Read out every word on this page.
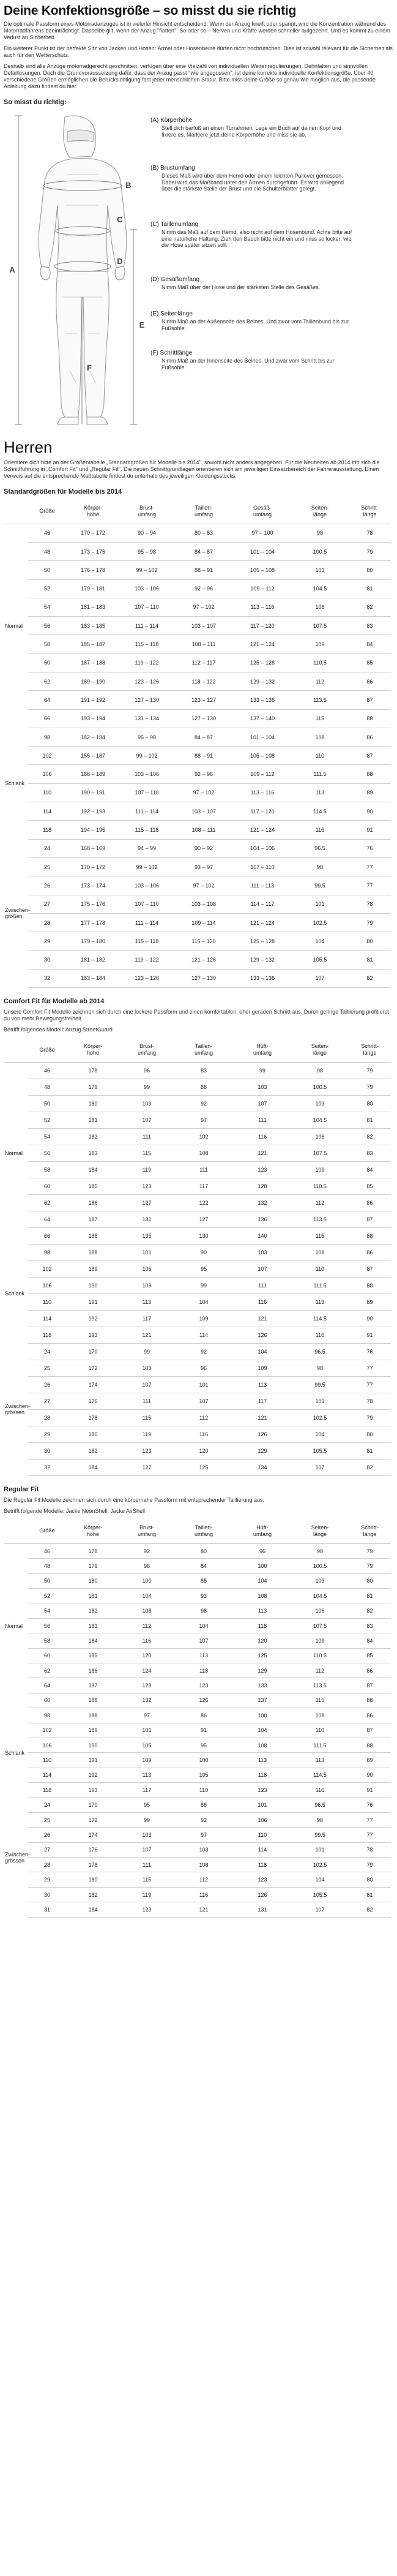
Deine Konfektionsgröße – so misst du sie richtig

Die optimale Passform eines Motorradanzuges ist in vielerlei Hinsicht entscheidend. Wenn der Anzug kneift oder spannt, wird die Konzentration während des Motorradfahrens beeinträchtigt. Dasselbe gilt, wenn der Anzug "flattert". So oder so – Nerven und Kräfte werden schneller aufgezehrt. Und es kommt zu einem Verlust an Sicherheit.

Ein weiterer Punkt ist der perfekte Sitz von Jacken und Hosen: Ärmel oder Hosenbeine dürfen nicht hochrutschen. Dies ist sowohl relevant für die Sicherheit als auch für den Wetterschutz.

Deshalb sind alle Anzüge motorradgerecht geschnitten, verfügen über eine Vielzahl von individuellen Weitenregulierungen, Dehnfalten und sinnvollen Detaillösungen. Doch die Grundvoraussetzung dafür, dass der Anzug passt "wie angegossen", ist deine korrekte individuelle Konfektionsgröße. Über 40 verschiedene Größen ermöglichen die Berücksichtigung fast jeder menschlichen Statur. Bitte miss deine Größe so genau wie möglich aus, die passende Anleitung dazu findest du hier.

So misst du richtig:
A
B
C
D
E
F
(A) Körperhöhe
Stell dich barfuß an einen Türrahmen. Lege ein Buch auf deinen Kopf und fixiere es. Markiere jetzt deine Körperhöhe und miss sie ab.
(B) Brustumfang
Dieses Maß wird über dem Hemd oder einem leichten Pullover gemessen. Dabei wird das Maßband unter den Armen durchgeführt. Es wird anliegend über die stärkste Stelle der Brust und die Schulterblätter gelegt.
(C) Taillenumfang
Nimm das Maß auf dem Hemd, also nicht auf dem Hosenbund. Achte bitte auf eine natürliche Haltung. Zieh den Bauch bitte nicht ein und miss so locker, wie die Hose später sitzen soll.
(D) Gesäßumfang
Nimm Maß über der Hose und der stärksten Stelle des Gesäßes.
(E) Seitenlänge
Nimm Maß an der Außenseite des Beines. Und zwar vom Taillenbund bis zur Fußsohle.
(F) Schrittlänge
Nimm Maß an der Innenseite des Beines. Und zwar vom Schritt bis zur Fußsohle.
Herren

Orientiere dich bitte an der Größentabelle „Standardgrößen für Modelle bis 2014", sowohl nicht anders angegeben. Für die Neuheiten ab 2014 tritt sich die Schnittführung in „Comfort Fit" und „Regular Fit". Die neuen Schnittgrundlagen orientieren sich am jeweiligen Einsatzbereich der Fahrerausstattung. Einen Verweis auf die entsprechende Maßtabelle findest du unterhalb des jeweiligen Kleidungsstücks.

Standardgrößen für Modelle bis 2014
	Größe	Körper-
höhe	Brust-
umfang	Taillen-
umfang	Gesäß-
umfang	Seiten-
länge	Schritt-
länge
Normal	46	170 – 172	90 – 94	80 – 83	97 – 100	98	78
	48	173 – 175	95 – 98	84 – 87	101 – 104	100.5	79
	50	176 – 178	99 – 102	88 – 91	105 – 108	103	80
	52	179 – 181	103 – 106	92 – 96	109 – 112	104.5	81
	54	181 – 183	107 – 110	97 – 102	113 – 116	106	82
	56	183 – 185	111 – 114	103 – 107	117 – 120	107.5	83
	58	185 – 187	115 – 118	108 – 111	121 – 124	109	84
	60	187 – 188	119 – 122	112 – 117	125 – 128	110.5	85
	62	189 – 190	123 – 126	118 – 122	129 – 132	112	86
	64	191 – 192	127 – 130	123 – 127	133 – 136	113.5	87
	66	193 – 194	131 – 134	127 – 130	137 – 140	115	88
Schlank	98	182 – 184	95 – 98	84 – 87	101 – 104	108	86
	102	185 – 187	99 – 102	88 – 91	105 – 108	110	87
	106	188 – 189	103 – 106	92 – 96	109 – 112	111.5	88
	110	190 – 191	107 – 110	97 – 102	113 – 116	113	89
	114	192 – 193	111 – 114	103 – 107	117 – 120	114.5	90
	118	194 – 195	115 – 118	108 – 111	121 – 124	116	91
Zwischen-
größen	24	168 – 169	94 – 99	90 – 92	104 – 106	96.5	76
	25	170 – 172	99 – 102	93 – 97	107 – 110	98	77
	26	173 – 174	103 – 106	97 – 102	111 – 113	99.5	77
	27	175 – 176	107 – 110	103 – 108	114 – 117	101	78
	28	177 – 178	111 – 114	109 – 114	121 – 124	102.5	79
	29	179 – 180	115 – 118	115 – 120	125 – 128	104	80
	30	181 – 182	119 – 122	121 – 126	129 – 132	105.5	81
	32	183 – 184	123 – 126	127 – 130	133 – 136	107	82
Comfort Fit für Modelle ab 2014

Unsere Comfort Fit Modelle zeichnen sich durch eine lockere Passform und einen komfortablen, eher geraden Schnitt aus. Durch geringe Taillierung profitierst du von mehr Bewegungsfreiheit.

Betrifft folgendes Modell: Anzug StreetGuard

	Größe	Körper-
höhe	Brust-
umfang	Taillen-
umfang	Hüft-
umfang	Seiten-
länge	Schritt-
länge
Normal	46	178	96	83	99	98	79
	48	179	99	88	103	100.5	79
	50	180	103	92	107	103	80
	52	181	107	97	111	104.5	81
	54	182	111	102	116	106	82
	56	183	115	108	121	107.5	83
	58	184	119	111	123	109	84
	60	185	123	117	128	110.5	85
	62	186	127	122	132	112	86
	64	187	131	127	136	113.5	87
	66	188	135	130	140	115	88
Schlank	98	188	101	90	103	108	86
	102	189	105	95	107	110	87
	106	190	109	99	111	111.5	88
	110	191	113	104	116	113	89
	114	192	117	109	121	114.5	90
	118	193	121	114	126	116	91
Zwischen-
grössen	24	170	99	92	104	96.5	76
	25	172	103	96	109	98	77
	26	174	107	101	113	99.5	77
	27	176	111	107	117	101	78
	28	178	115	112	121	102.5	79
	29	180	119	116	126	104	80
	30	182	123	120	129	105.5	81
	32	184	127	125	134	107	82
Regular Fit

Die Regular Fit Modelle zeichnen sich durch eine körpernahe Passform mit entsprechender Taillierung aus.

Betrifft folgende Modelle: Jacke NeonShell, Jacke AirShell

	Größe	Körper-
höhe	Brust-
umfang	Taillen-
umfang	Hüft-
umfang	Seiten-
länge	Schritt-
länge
Normal	46	178	92	80	96	98	79
	48	179	96	84	100	100.5	79
	50	180	100	88	104	103	80
	52	181	104	93	108	104.5	81
	54	182	108	98	113	106	82
	56	183	112	104	118	107.5	83
	58	184	116	107	120	109	84
	60	185	120	113	125	110.5	85
	62	186	124	118	129	112	86
	64	187	128	123	133	113.5	87
	66	188	132	126	137	115	88
Schlank	98	188	97	86	100	108	86
	102	189	101	91	104	110	87
	106	190	105	95	108	111.5	88
	110	191	109	100	113	113	89
	114	192	113	105	118	114.5	90
	118	193	117	110	123	116	91
Zwischen-
grössen	24	170	95	88	101	96.5	76
	25	172	99	92	106	98	77
	26	174	103	97	110	99.5	77
	27	176	107	103	114	101	78
	28	178	111	108	118	102.5	79
	29	180	115	112	123	104	80
	30	182	119	116	126	105.5	81
	31	184	123	121	131	107	82
